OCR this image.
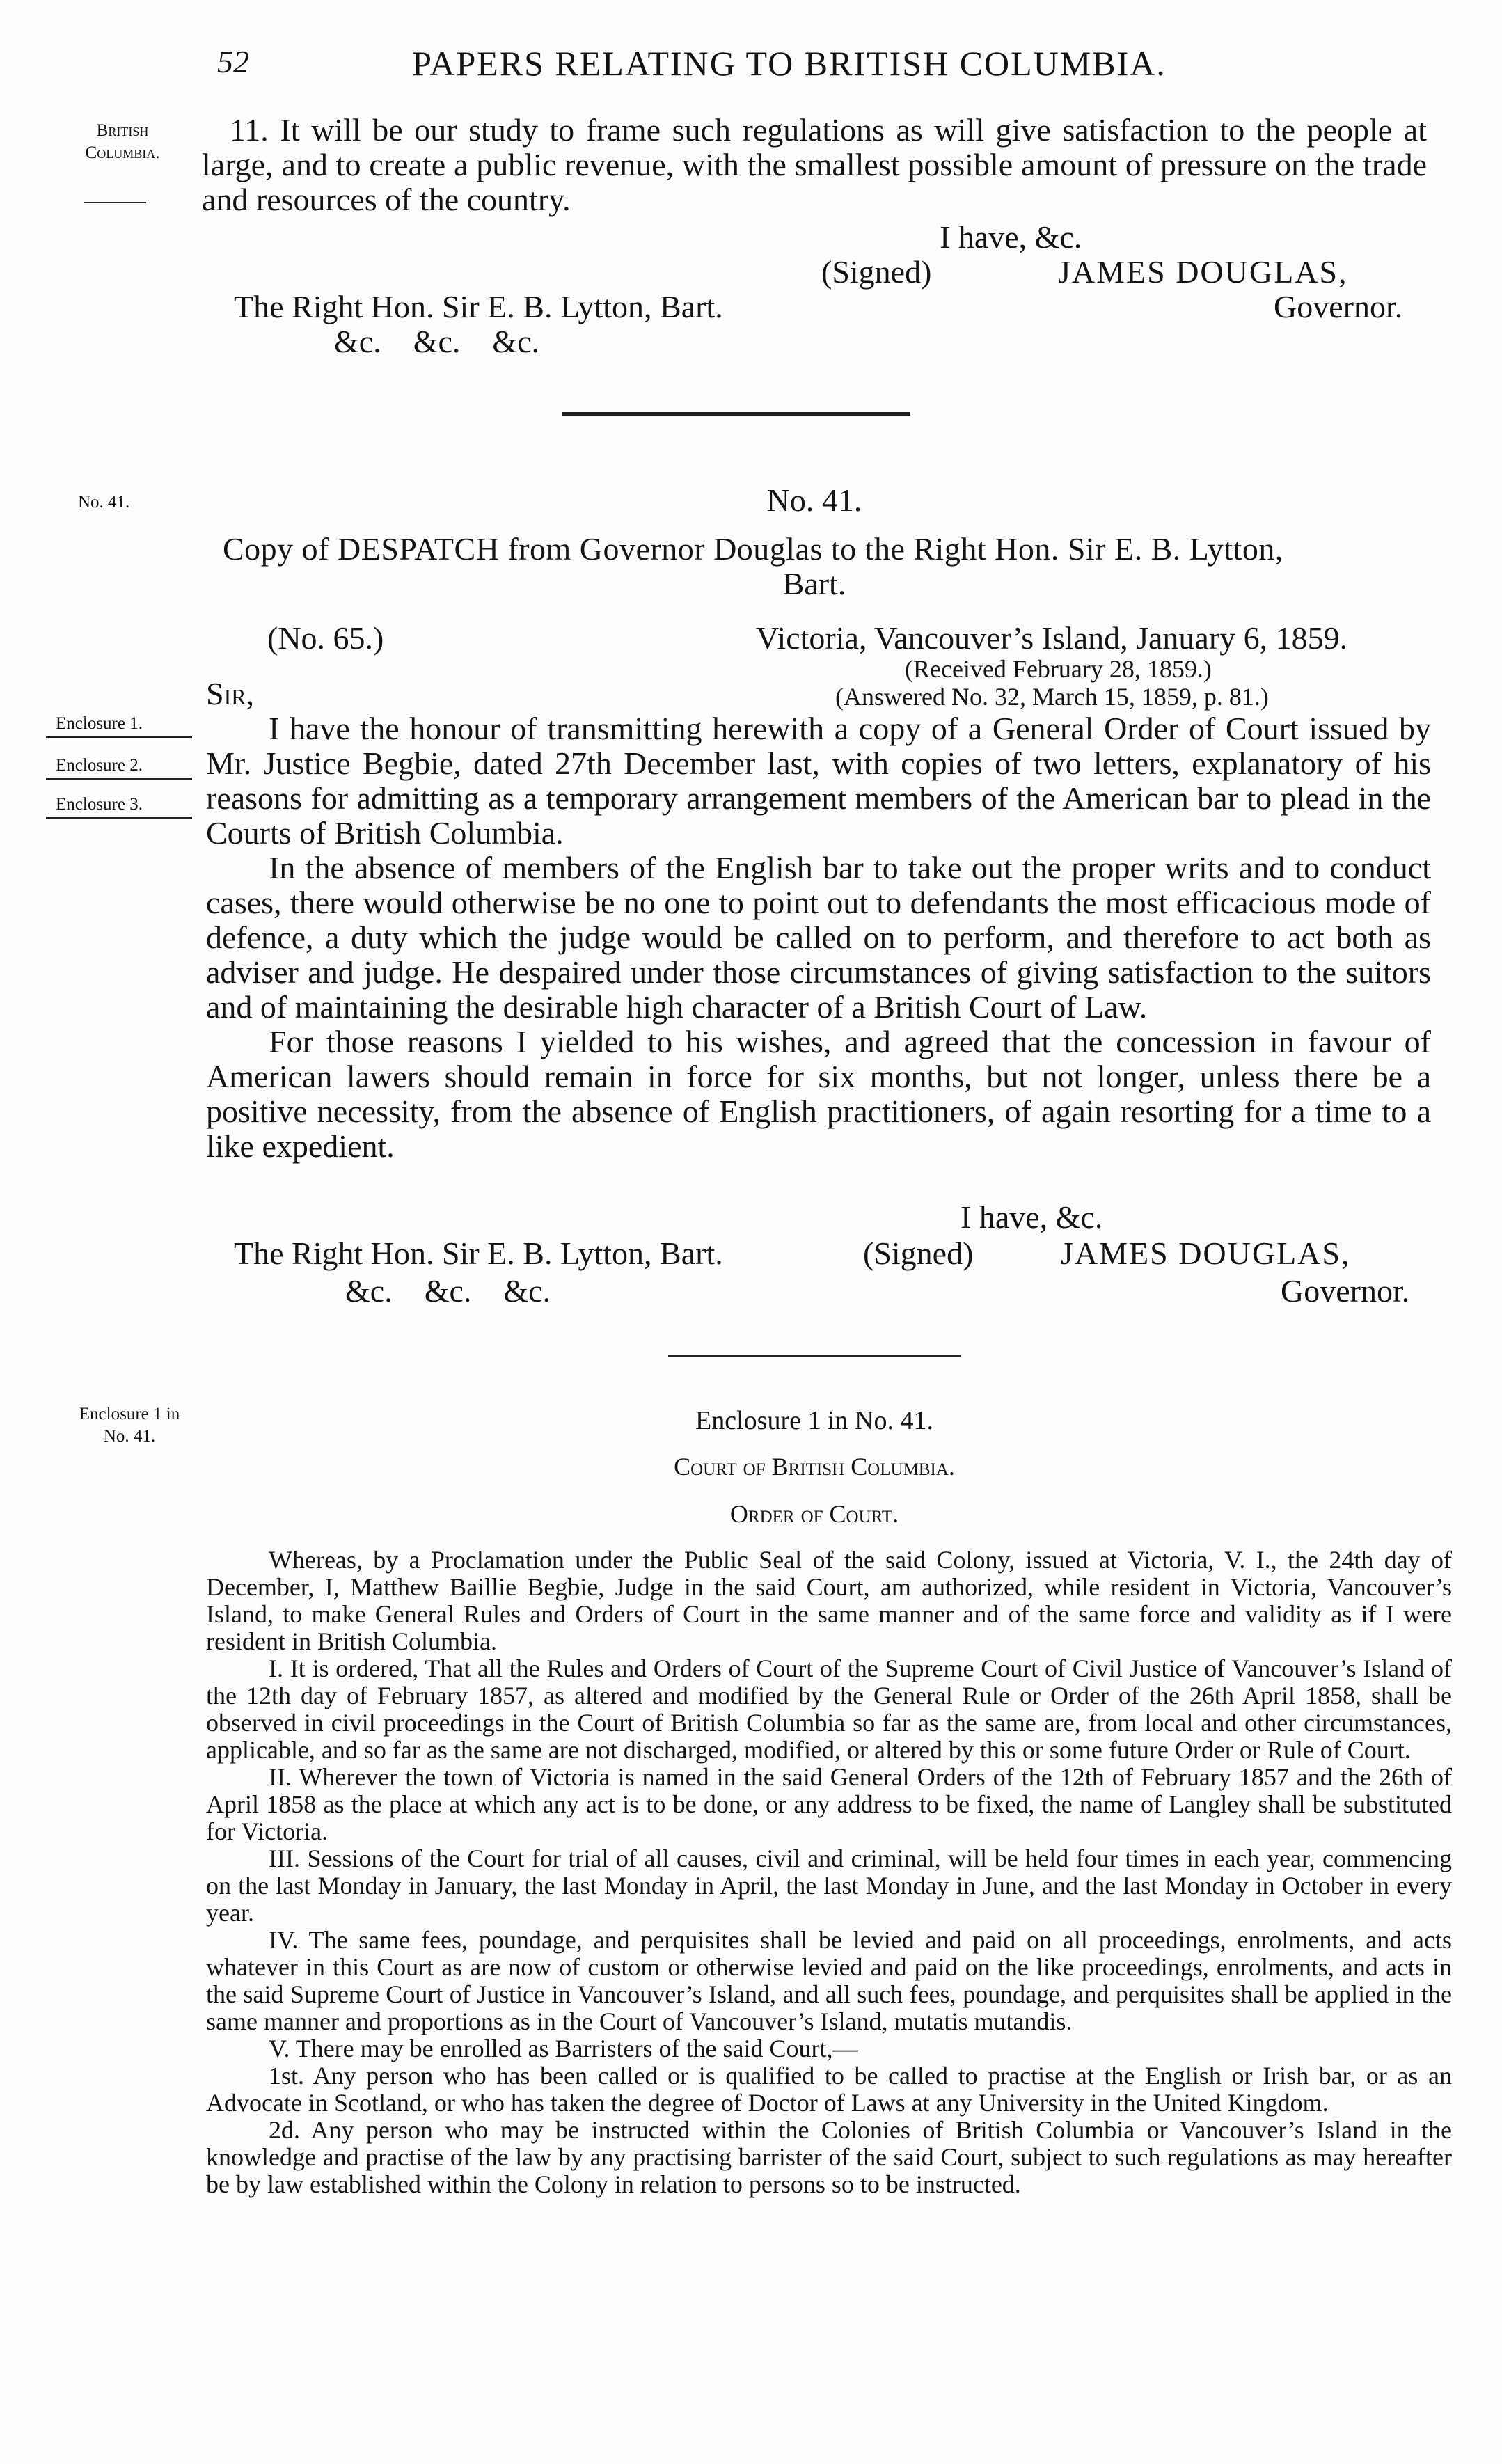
52	PAPERS RELATING TO BRITISH COLUMBIA.
British
Columbia.
No. 41.
Enclosure 1.
Enclosure 2.
Enclosure 3.
Enclosure 1 in
No. 41.
11. It will be our study to frame such regulations as will give satisfaction to the people at large, and to create a public revenue, with the smallest possible amount of pressure on the trade and resources of the country.
I have, &c.
(Signed)	JAMES DOUGLAS,
The Right Hon. Sir E. B. Lytton, Bart.	Governor.
&c.    &c.    &c.
No. 41.
Copy of DESPATCH from Governor Douglas to the Right Hon. Sir E. B. Lytton,
Bart.
(No. 65.)	Victoria, Vancouver’s Island, January 6, 1859.
(Received February 28, 1859.)
Sir,	(Answered No. 32, March 15, 1859, p. 81.)

I have the honour of transmitting herewith a copy of a General Order of Court issued by Mr. Justice Begbie, dated 27th December last, with copies of two letters, explanatory of his reasons for admitting as a temporary arrangement members of the American bar to plead in the Courts of British Columbia.

In the absence of members of the English bar to take out the proper writs and to conduct cases, there would otherwise be no one to point out to defendants the most efficacious mode of defence, a duty which the judge would be called on to perform, and therefore to act both as adviser and judge. He despaired under those circumstances of giving satisfaction to the suitors and of maintaining the desirable high character of a British Court of Law.

For those reasons I yielded to his wishes, and agreed that the concession in favour of American lawers should remain in force for six months, but not longer, unless there be a positive necessity, from the absence of English practitioners, of again resorting for a time to a like expedient.

I have, &c.
The Right Hon. Sir E. B. Lytton, Bart.	(Signed)	JAMES DOUGLAS,
&c.    &c.    &c.	Governor.
Enclosure 1 in No. 41.
Court of British Columbia.
Order of Court.

Whereas, by a Proclamation under the Public Seal of the said Colony, issued at Victoria, V. I., the 24th day of December, I, Matthew Baillie Begbie, Judge in the said Court, am authorized, while resident in Victoria, Vancouver’s Island, to make General Rules and Orders of Court in the same manner and of the same force and validity as if I were resident in British Columbia.

I. It is ordered, That all the Rules and Orders of Court of the Supreme Court of Civil Justice of Vancouver’s Island of the 12th day of February 1857, as altered and modified by the General Rule or Order of the 26th April 1858, shall be observed in civil proceedings in the Court of British Columbia so far as the same are, from local and other circumstances, applicable, and so far as the same are not discharged, modified, or altered by this or some future Order or Rule of Court.

II. Wherever the town of Victoria is named in the said General Orders of the 12th of February 1857 and the 26th of April 1858 as the place at which any act is to be done, or any address to be fixed, the name of Langley shall be substituted for Victoria.

III. Sessions of the Court for trial of all causes, civil and criminal, will be held four times in each year, commencing on the last Monday in January, the last Monday in April, the last Monday in June, and the last Monday in October in every year.

IV. The same fees, poundage, and perquisites shall be levied and paid on all proceedings, enrolments, and acts whatever in this Court as are now of custom or otherwise levied and paid on the like proceedings, enrolments, and acts in the said Supreme Court of Justice in Vancouver’s Island, and all such fees, poundage, and perquisites shall be applied in the same manner and proportions as in the Court of Vancouver’s Island, mutatis mutandis.

V. There may be enrolled as Barristers of the said Court,—

1st. Any person who has been called or is qualified to be called to practise at the English or Irish bar, or as an Advocate in Scotland, or who has taken the degree of Doctor of Laws at any University in the United Kingdom.

2d. Any person who may be instructed within the Colonies of British Columbia or Vancouver’s Island in the knowledge and practise of the law by any practising barrister of the said Court, subject to such regulations as may hereafter be by law established within the Colony in relation to persons so to be instructed.
